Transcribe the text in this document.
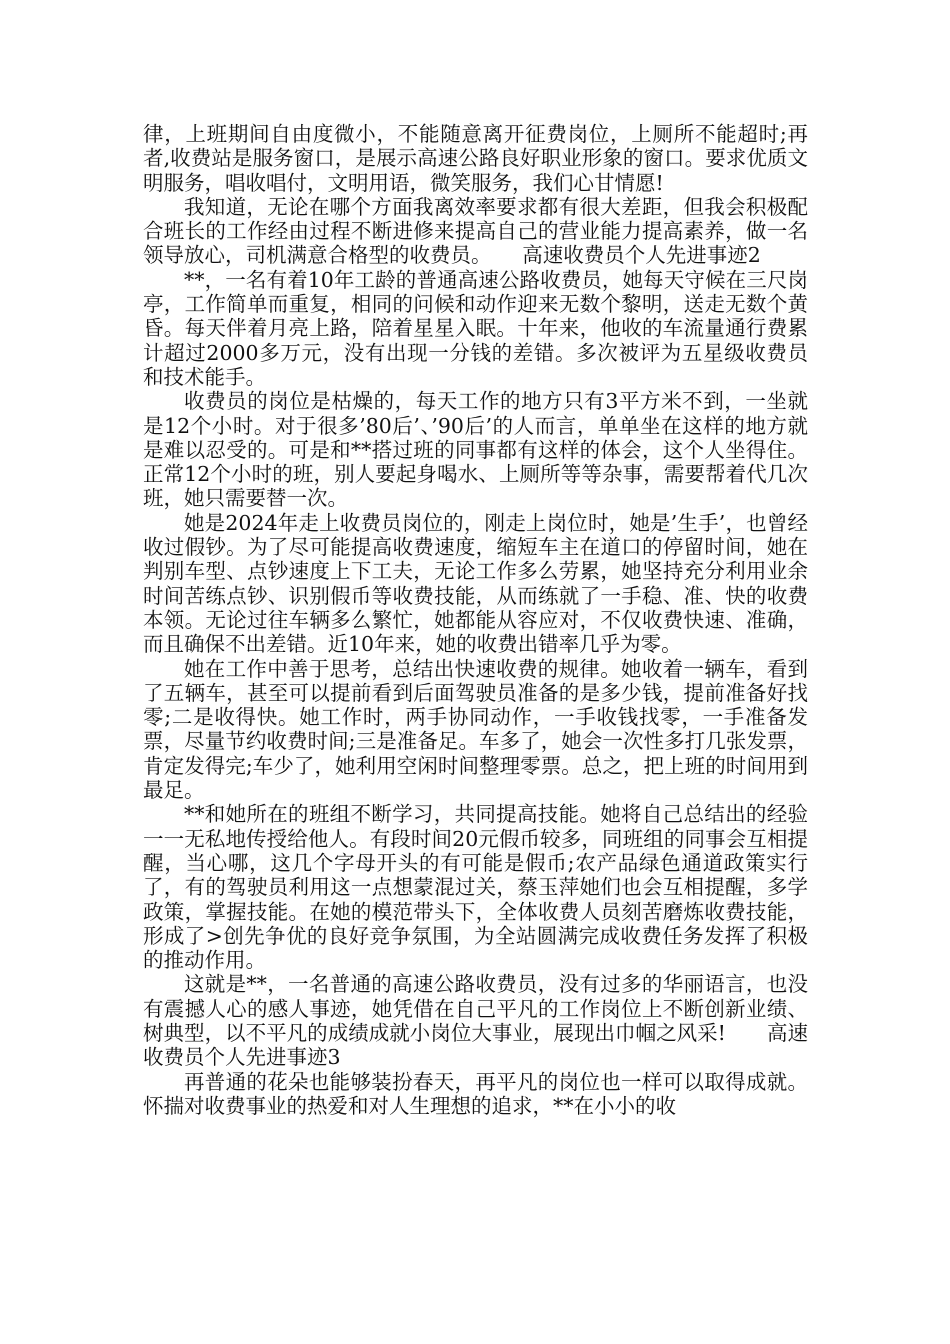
律，上班期间自由度微小，不能随意离开征费岗位，上厕所不能超时;再者,收费站是服务窗口，是展示高速公路良好职业形象的窗口。要求优质文明服务，唱收唱付，文明用语，微笑服务，我们心甘情愿!

我知道，无论在哪个方面我离效率要求都有很大差距，但我会积极配合班长的工作经由过程不断进修来提高自己的营业能力提高素养，做一名领导放心，司机满意合格型的收费员。　　高速收费员个人先进事迹2

**，一名有着10年工龄的普通高速公路收费员，她每天守候在三尺岗亭，工作简单而重复，相同的问候和动作迎来无数个黎明，送走无数个黄昏。每天伴着月亮上路，陪着星星入眠。十年来，他收的车流量通行费累计超过2000多万元，没有出现一分钱的差错。多次被评为五星级收费员和技术能手。

收费员的岗位是枯燥的，每天工作的地方只有3平方米不到，一坐就是12个小时。对于很多’80后’、’90后’的人而言，单单坐在这样的地方就是难以忍受的。可是和**搭过班的同事都有这样的体会，这个人坐得住。正常12个小时的班，别人要起身喝水、上厕所等等杂事，需要帮着代几次班，她只需要替一次。

她是2024年走上收费员岗位的，刚走上岗位时，她是’生手’，也曾经收过假钞。为了尽可能提高收费速度，缩短车主在道口的停留时间，她在判别车型、点钞速度上下工夫，无论工作多么劳累，她坚持充分利用业余时间苦练点钞、识别假币等收费技能，从而练就了一手稳、准、快的收费本领。无论过往车辆多么繁忙，她都能从容应对，不仅收费快速、准确，而且确保不出差错。近10年来，她的收费出错率几乎为零。

她在工作中善于思考，总结出快速收费的规律。她收着一辆车，看到了五辆车，甚至可以提前看到后面驾驶员准备的是多少钱，提前准备好找零;二是收得快。她工作时，两手协同动作，一手收钱找零，一手准备发票，尽量节约收费时间;三是准备足。车多了，她会一次性多打几张发票，肯定发得完;车少了，她利用空闲时间整理零票。总之，把上班的时间用到最足。

**和她所在的班组不断学习，共同提高技能。她将自己总结出的经验一一无私地传授给他人。有段时间20元假币较多，同班组的同事会互相提醒，当心哪，这几个字母开头的有可能是假币;农产品绿色通道政策实行了，有的驾驶员利用这一点想蒙混过关，蔡玉萍她们也会互相提醒，多学政策，掌握技能。在她的模范带头下，全体收费人员刻苦磨炼收费技能，形成了>创先争优的良好竞争氛围，为全站圆满完成收费任务发挥了积极的推动作用。

这就是**，一名普通的高速公路收费员，没有过多的华丽语言，也没有震撼人心的感人事迹，她凭借在自己平凡的工作岗位上不断创新业绩、树典型，以不平凡的成绩成就小岗位大事业，展现出巾帼之风采!　　高速收费员个人先进事迹3

再普通的花朵也能够装扮春天，再平凡的岗位也一样可以取得成就。怀揣对收费事业的热爱和对人生理想的追求，**在小小的收
